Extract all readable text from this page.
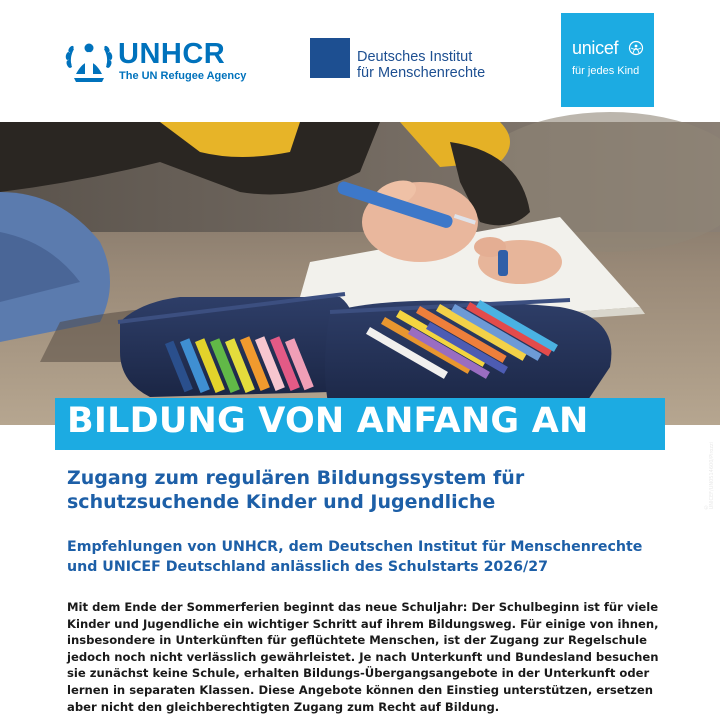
UNHCR
The UN Refugee Agency
Deutsches Institut
für Menschenrechte
unicef
für jedes Kind
© UNICEF/UN0514600/Pirozzi
BILDUNG VON ANFANG AN
Zugang zum regulären Bildungssystem für
schutzsuchende Kinder und Jugendliche
Empfehlungen von UNHCR, dem Deutschen Institut für Menschenrechte
und UNICEF Deutschland anlässlich des Schulstarts 2026/27
Mit dem Ende der Sommerferien beginnt das neue Schuljahr: Der Schulbeginn ist für viele
Kinder und Jugendliche ein wichtiger Schritt auf ihrem Bildungsweg. Für einige von ihnen,
insbesondere in Unterkünften für geflüchtete Menschen, ist der Zugang zur Regelschule
jedoch noch nicht verlässlich gewährleistet. Je nach Unterkunft und Bundesland besuchen
sie zunächst keine Schule, erhalten Bildungs-Übergangsangebote in der Unterkunft oder
lernen in separaten Klassen. Diese Angebote können den Einstieg unterstützen, ersetzen
aber nicht den gleichberechtigten Zugang zum Recht auf Bildung.
